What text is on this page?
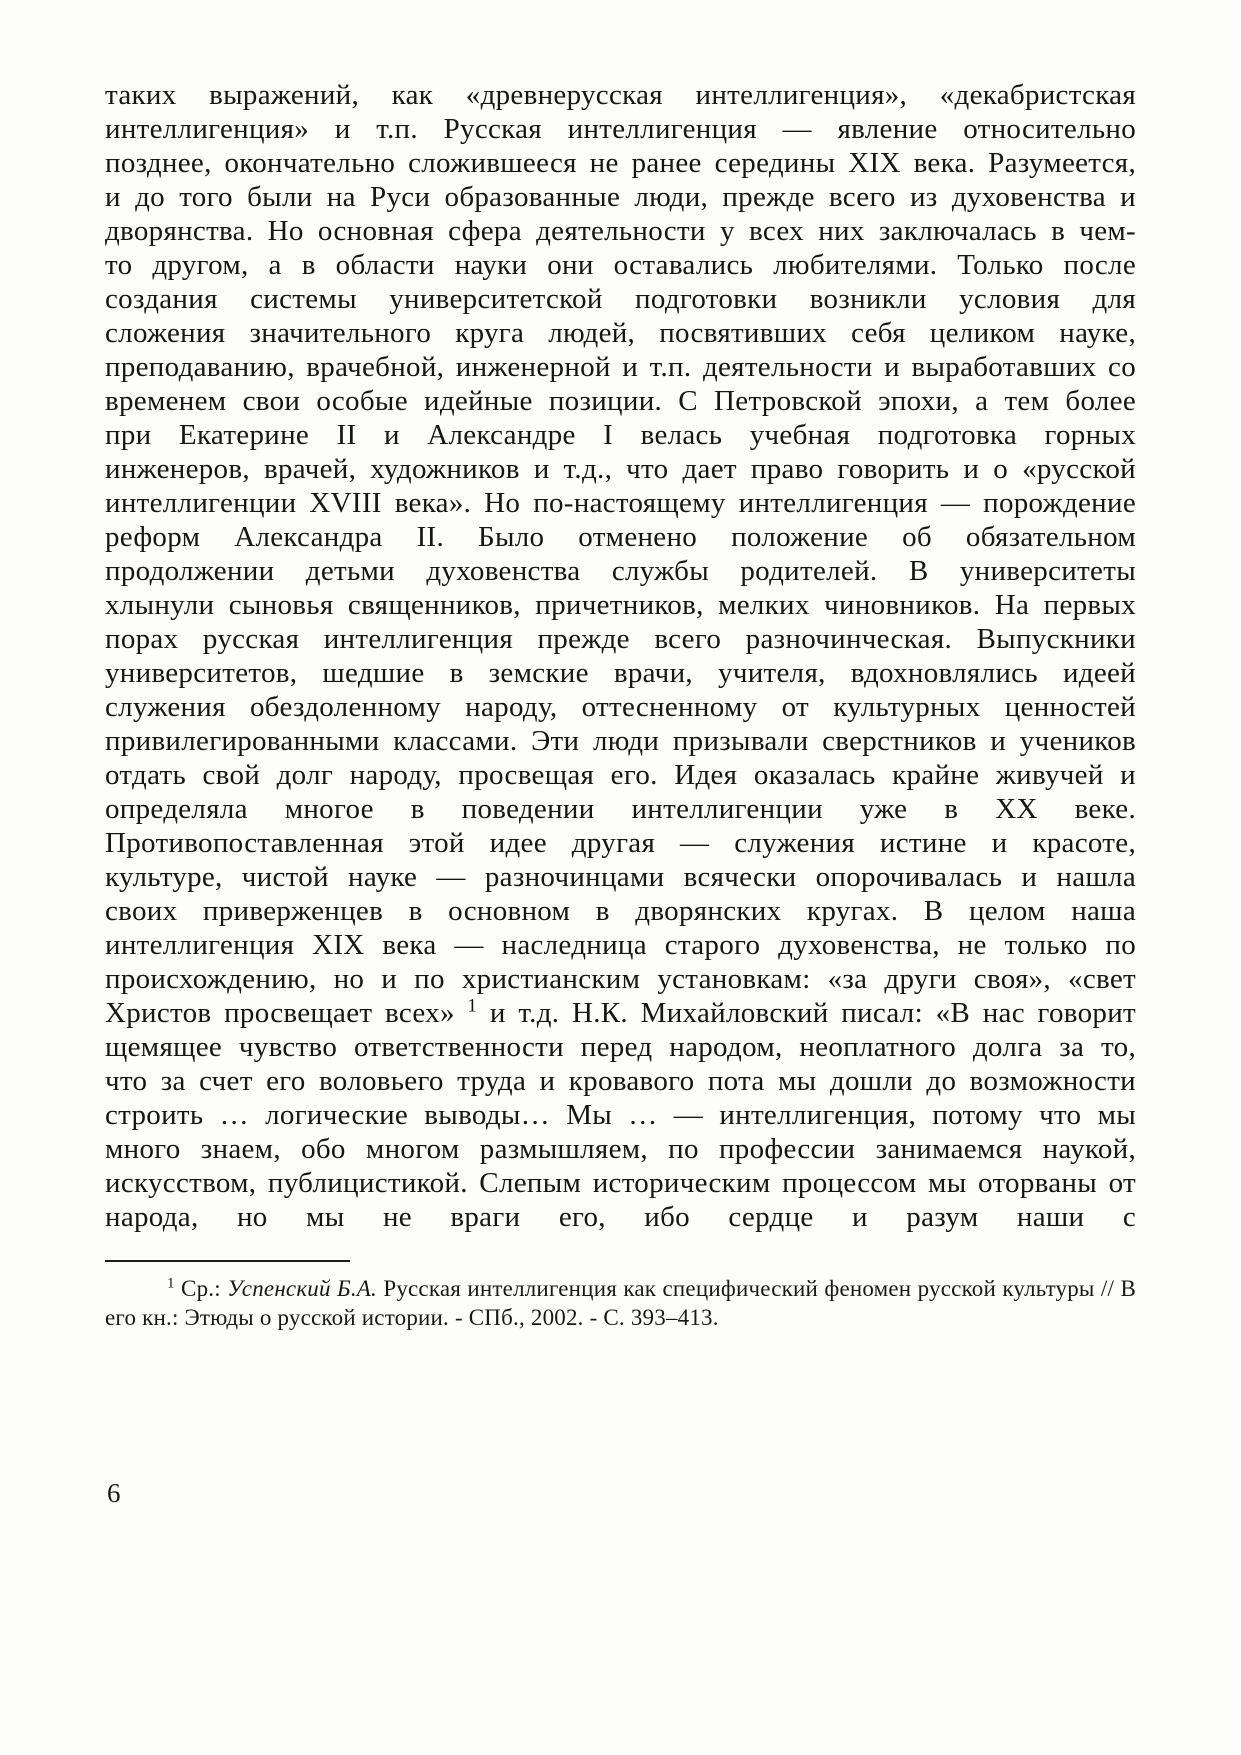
таких выражений, как «древнерусская интеллигенция», «декабристская интеллигенция» и т.п. Русская интеллигенция — явление относительно позднее, окончательно сложившееся не ранее середины XIX века. Разумеется, и до того были на Руси образованные люди, прежде всего из духовенства и дворянства. Но основная сфера деятельности у всех них заключалась в чем-то другом, а в области науки они оставались любителями. Только после создания системы университетской подготовки возникли условия для сложения значительного круга людей, посвятивших себя целиком науке, преподаванию, врачебной, инженерной и т.п. деятельности и выработавших со временем свои особые идейные позиции. С Петровской эпохи, а тем более при Екатерине II и Александре I велась учебная подготовка горных инженеров, врачей, художников и т.д., что дает право говорить и о «русской интеллигенции XVIII века». Но по-настоящему интеллигенция — порождение реформ Александра II. Было отменено положение об обязательном продолжении детьми духовенства службы родителей. В университеты хлынули сыновья священников, причетников, мелких чиновников. На первых порах русская интеллигенция прежде всего разночинческая. Выпускники университетов, шедшие в земские врачи, учителя, вдохновлялись идеей служения обездоленному народу, оттесненному от культурных ценностей привилегированными классами. Эти люди призывали сверстников и учеников отдать свой долг народу, просвещая его. Идея оказалась крайне живучей и определяла многое в поведении интеллигенции уже в XX веке. Противопоставленная этой идее другая — служения истине и красоте, культуре, чистой науке — разночинцами всячески опорочивалась и нашла своих приверженцев в основном в дворянских кругах. В целом наша интеллигенция XIX века — наследница старого духовенства, не только по происхождению, но и по христианским установкам: «за други своя», «свет Христов просвещает всех» $^1$ и т.д. Н.К. Михайловский писал: «В нас говорит щемящее чувство ответственности перед народом, неоплатного долга за то, что за счет его воловьего труда и кровавого пота мы дошли до возможности строить … логические выводы… Мы … — интеллигенция, потому что мы много знаем, обо многом размышляем, по профессии занимаемся наукой, искусством, публицистикой. Слепым историческим процессом мы оторваны от народа, но мы не враги его, ибо сердце и разум наши с

$^1$ Ср.: Успенский Б.А. Русская интеллигенция как специфический феномен русской культуры // В его кн.: Этюды о русской истории. - СПб., 2002. - С. 393–413.

6
